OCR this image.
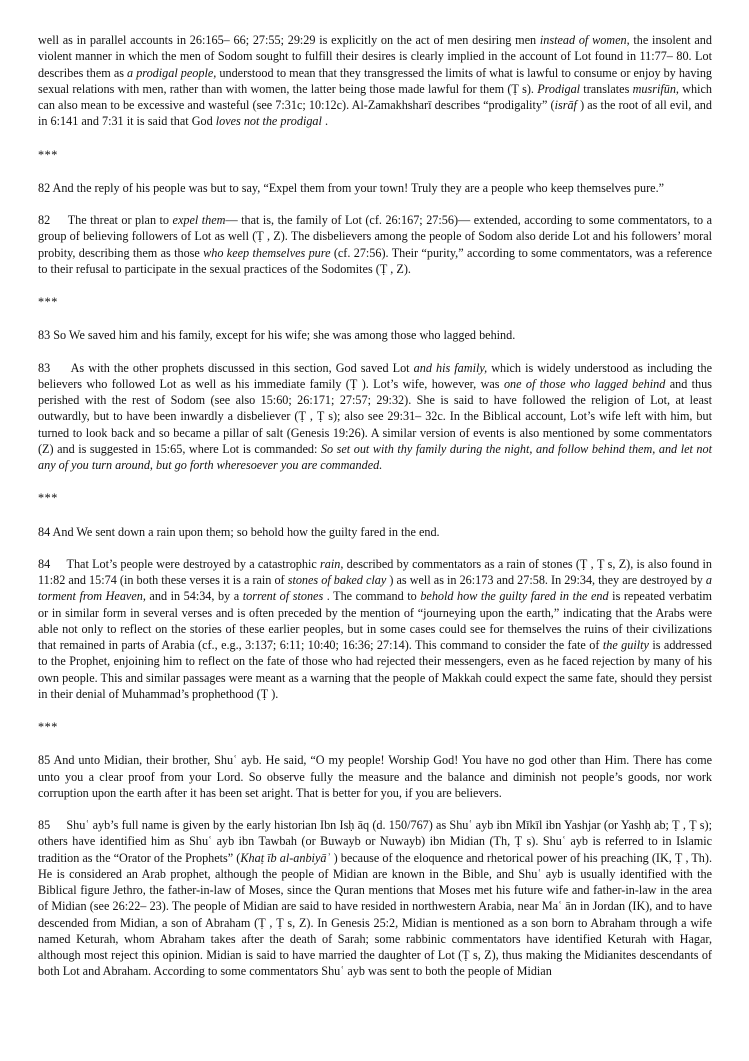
well as in parallel accounts in 26:165– 66; 27:55; 29:29 is explicitly on the act of men desiring men instead of women, the insolent and violent manner in which the men of Sodom sought to fulfill their desires is clearly implied in the account of Lot found in 11:77– 80. Lot describes them as a prodigal people, understood to mean that they transgressed the limits of what is lawful to consume or enjoy by having sexual relations with men, rather than with women, the latter being those made lawful for them (Ṭ s). Prodigal translates musrifūn, which can also mean to be excessive and wasteful (see 7:31c; 10:12c). Al-Zamakhsharī describes “prodigality” (isrāf ) as the root of all evil, and in 6:141 and 7:31 it is said that God loves not the prodigal .

***

82 And the reply of his people was but to say, “Expel them from your town! Truly they are a people who keep themselves pure.”

82     The threat or plan to expel them— that is, the family of Lot (cf. 26:167; 27:56)— extended, according to some commentators, to a group of believing followers of Lot as well (Ṭ , Z). The disbelievers among the people of Sodom also deride Lot and his followers’ moral probity, describing them as those who keep themselves pure (cf. 27:56). Their “purity,” according to some commentators, was a reference to their refusal to participate in the sexual practices of the Sodomites (Ṭ , Z).

***

83 So We saved him and his family, except for his wife; she was among those who lagged behind.

83     As with the other prophets discussed in this section, God saved Lot and his family, which is widely understood as including the believers who followed Lot as well as his immediate family (Ṭ ). Lot’s wife, however, was one of those who lagged behind and thus perished with the rest of Sodom (see also 15:60; 26:171; 27:57; 29:32). She is said to have followed the religion of Lot, at least outwardly, but to have been inwardly a disbeliever (Ṭ , Ṭ s); also see 29:31– 32c. In the Biblical account, Lot’s wife left with him, but turned to look back and so became a pillar of salt (Genesis 19:26). A similar version of events is also mentioned by some commentators (Z) and is suggested in 15:65, where Lot is commanded: So set out with thy family during the night, and follow behind them, and let not any of you turn around, but go forth wheresoever you are commanded.

***

84 And We sent down a rain upon them; so behold how the guilty fared in the end.

84     That Lot’s people were destroyed by a catastrophic rain, described by commentators as a rain of stones (Ṭ , Ṭ s, Z), is also found in 11:82 and 15:74 (in both these verses it is a rain of stones of baked clay ) as well as in 26:173 and 27:58. In 29:34, they are destroyed by a torment from Heaven, and in 54:34, by a torrent of stones . The command to behold how the guilty fared in the end is repeated verbatim or in similar form in several verses and is often preceded by the mention of “journeying upon the earth,” indicating that the Arabs were able not only to reflect on the stories of these earlier peoples, but in some cases could see for themselves the ruins of their civilizations that remained in parts of Arabia (cf., e.g., 3:137; 6:11; 10:40; 16:36; 27:14). This command to consider the fate of the guilty is addressed to the Prophet, enjoining him to reflect on the fate of those who had rejected their messengers, even as he faced rejection by many of his own people. This and similar passages were meant as a warning that the people of Makkah could expect the same fate, should they persist in their denial of Muhammad’s prophethood (Ṭ ).

***

85 And unto Midian, their brother, Shuʿ ayb. He said, “O my people! Worship God! You have no god other than Him. There has come unto you a clear proof from your Lord. So observe fully the measure and the balance and diminish not people’s goods, nor work corruption upon the earth after it has been set aright. That is better for you, if you are believers.

85     Shuʿ ayb’s full name is given by the early historian Ibn Isḥ āq (d. 150/767) as Shuʿ ayb ibn Mīkīl ibn Yashjar (or Yashḥ ab; Ṭ , Ṭ s); others have identified him as Shuʿ ayb ibn Tawbah (or Buwayb or Nuwayb) ibn Midian (Th, Ṭ s). Shuʿ ayb is referred to in Islamic tradition as the “Orator of the Prophets” (Khaṭ īb al-anbiyāʾ ) because of the eloquence and rhetorical power of his preaching (IK, Ṭ , Th). He is considered an Arab prophet, although the people of Midian are known in the Bible, and Shuʿ ayb is usually identified with the Biblical figure Jethro, the father-in-law of Moses, since the Quran mentions that Moses met his future wife and father-in-law in the area of Midian (see 26:22– 23). The people of Midian are said to have resided in northwestern Arabia, near Maʿ ān in Jordan (IK), and to have descended from Midian, a son of Abraham (Ṭ , Ṭ s, Z). In Genesis 25:2, Midian is mentioned as a son born to Abraham through a wife named Keturah, whom Abraham takes after the death of Sarah; some rabbinic commentators have identified Keturah with Hagar, although most reject this opinion. Midian is said to have married the daughter of Lot (Ṭ s, Z), thus making the Midianites descendants of both Lot and Abraham. According to some commentators Shuʿ ayb was sent to both the people of Midian
